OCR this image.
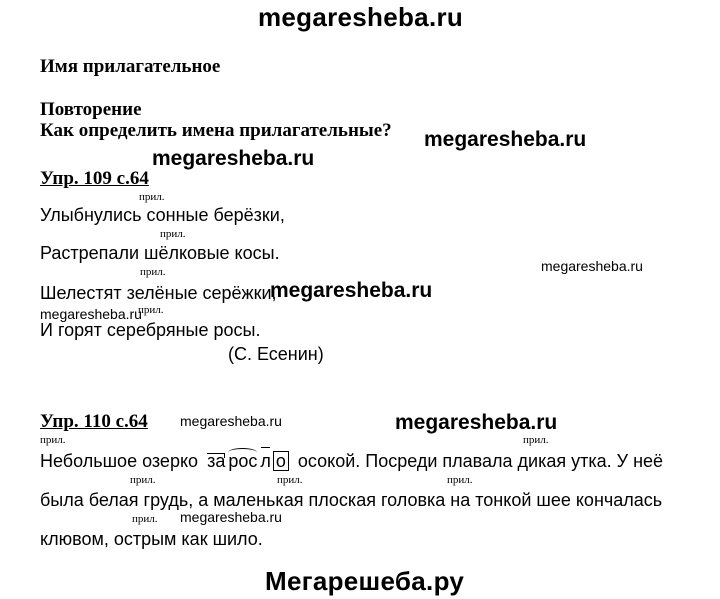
megaresheba.ru
megaresheba.ru
megaresheba.ru
megaresheba.ru
megaresheba.ru
megaresheba.ru
megaresheba.ru	megaresheba.ru
megaresheba.ru
Мегарешеба.ру
Имя прилагательное
Повторение
Как определить имена прилагательные?
Упр. 109 с.64
прил.
Улыбнулись сонные берёзки,
прил.
Растрепали шёлковые косы.
прил.
Шелестят зелёные серёжки,
прил.
И горят серебряные росы.
(С. Есенин)
Упр. 110 с.64
прил.	прил.
Небольшое озерко за рос л о осокой. Посреди плавала дикая утка. У неё
прил.	прил.	прил.
была белая грудь, а маленькая плоская головка на тонкой шее кончалась
прил.
клювом, острым как шило.
